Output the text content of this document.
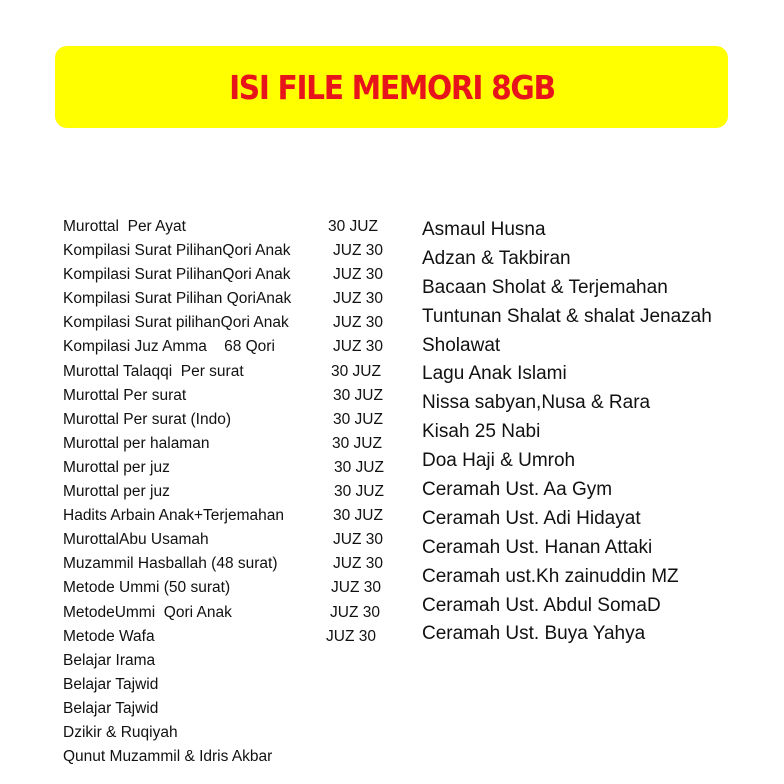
ISI FILE MEMORI 8GB
Murottal  Per Ayat	30 JUZ
Kompilasi Surat PilihanQori Anak	JUZ 30
Kompilasi Surat PilihanQori Anak	JUZ 30
Kompilasi Surat Pilihan QoriAnak	JUZ 30
Kompilasi Surat pilihanQori Anak	JUZ 30
Kompilasi Juz Amma    68 Qori	JUZ 30
Murottal Talaqqi  Per surat	30 JUZ
Murottal Per surat	30 JUZ
Murottal Per surat (Indo)	30 JUZ
Murottal per halaman	30 JUZ
Murottal per juz	30 JUZ
Murottal per juz	30 JUZ
Hadits Arbain Anak+Terjemahan	30 JUZ
MurottalAbu Usamah	JUZ 30
Muzammil Hasballah (48 surat)	JUZ 30
Metode Ummi (50 surat)	JUZ 30
MetodeUmmi  Qori Anak	JUZ 30
Metode Wafa	JUZ 30
Belajar Irama
Belajar Tajwid
Belajar Tajwid
Dzikir & Ruqiyah
Qunut Muzammil & Idris Akbar
Asmaul Husna
Adzan & Takbiran
Bacaan Sholat & Terjemahan
Tuntunan Shalat & shalat Jenazah
Sholawat
Lagu Anak Islami
Nissa sabyan,Nusa & Rara
Kisah 25 Nabi
Doa Haji & Umroh
Ceramah Ust. Aa Gym
Ceramah Ust. Adi Hidayat
Ceramah Ust. Hanan Attaki
Ceramah ust.Kh zainuddin MZ
Ceramah Ust. Abdul SomaD
Ceramah Ust. Buya Yahya
